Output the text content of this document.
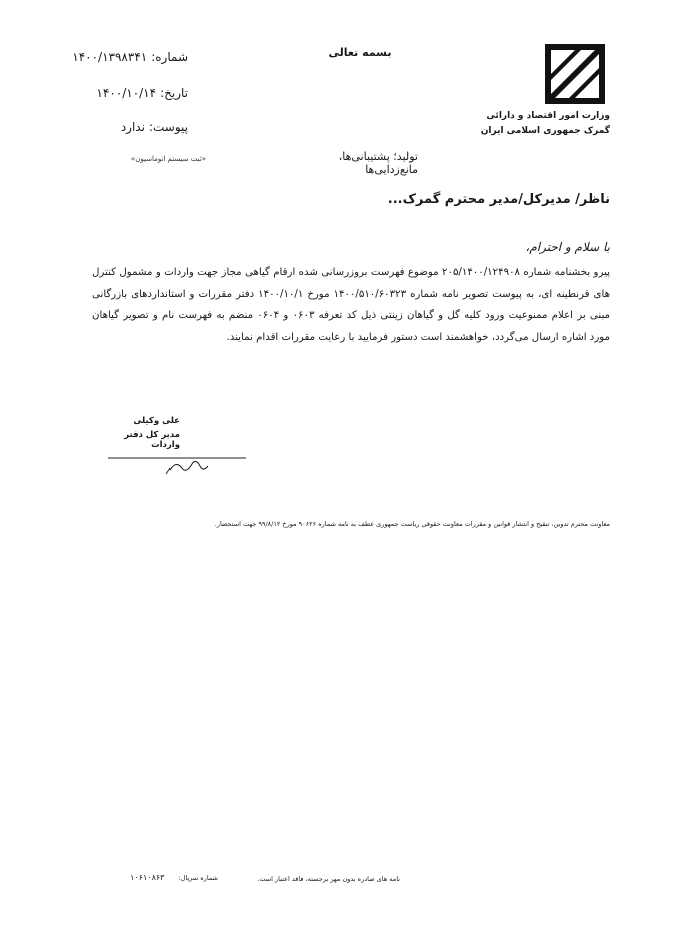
بسمه تعالی
شماره:
۱۴۰۰/۱۳۹۸۳۴۱
تاریخ:
۱۴۰۰/۱۰/۱۴
پیوست:
ندارد
«ثبت سیستم اتوماسیون»	تولید؛ پشتیبانی‌ها، مانع‌زدایی‌ها
وزارت امور اقتصاد و دارائی
گمرک جمهوری اسلامی ایران
ناظر/ مدیرکل/مدیر محترم گمرک...
با سلام و احترام،
پیرو بخشنامه شماره ۲۰۵/۱۴۰۰/۱۲۴۹۰۸ موضوع فهرست بروزرسانی شده ارقام گیاهی مجاز جهت واردات و مشمول کنترل های قرنطینه ای، به پیوست تصویر نامه شماره ۱۴۰۰/۵۱۰/۶۰۳۲۳ مورخ ۱۴۰۰/۱۰/۱ دفتر مقررات و استانداردهای بازرگانی مبنی بر اعلام ممنوعیت ورود کلیه گل و گیاهان زینتی ذیل کد تعرفه ۰۶۰۳ و ۰۶۰۴ منضم به فهرست نام و تصویر گیاهان مورد اشاره ارسال می‌گردد، خواهشمند است دستور فرمایید با رعایت مقررات اقدام نمایند.
علی وکیلی
مدیر کل دفتر واردات
معاونت محترم تدوین، تنقیح و انتشار قوانین و مقررات معاونت حقوقی ریاست جمهوری عطف به نامه شماره ۹۰۶۲۶ مورخ ۹۹/۸/۱۲ جهت استحضار.
نامه های صادره بدون مهر برجسته، فاقد اعتبار است.
شماره سریال:
۱۰۶۱۰۸۶۳
